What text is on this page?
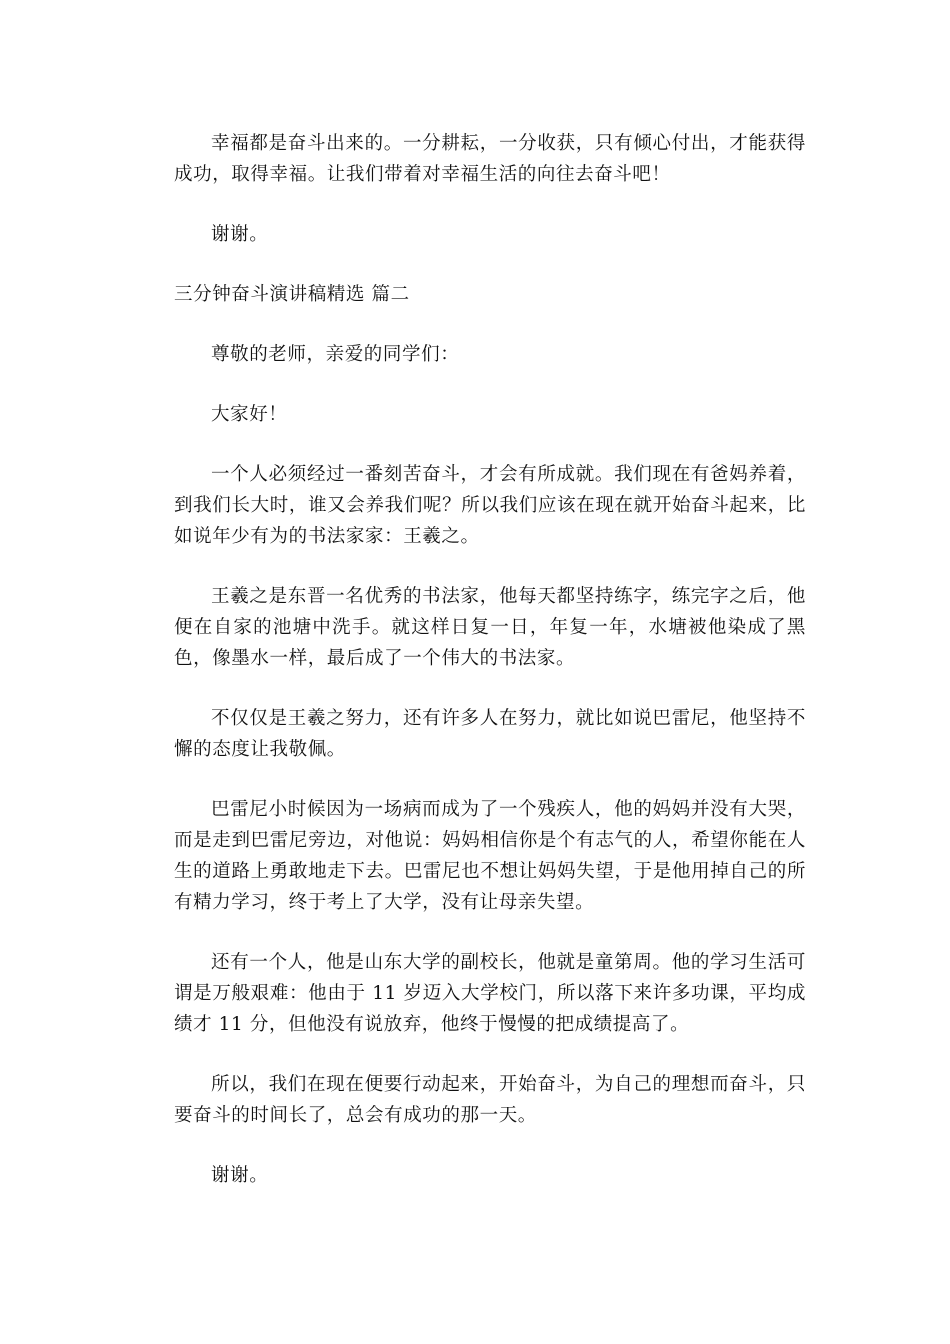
幸福都是奋斗出来的。一分耕耘，一分收获，只有倾心付出，才能获得成功，取得幸福。让我们带着对幸福生活的向往去奋斗吧！

谢谢。

三分钟奋斗演讲稿精选 篇二

尊敬的老师，亲爱的同学们：

大家好！

一个人必须经过一番刻苦奋斗，才会有所成就。我们现在有爸妈养着，到我们长大时，谁又会养我们呢？所以我们应该在现在就开始奋斗起来，比如说年少有为的书法家家：王羲之。

王羲之是东晋一名优秀的书法家，他每天都坚持练字，练完字之后，他便在自家的池塘中洗手。就这样日复一日，年复一年，水塘被他染成了黑色，像墨水一样，最后成了一个伟大的书法家。

不仅仅是王羲之努力，还有许多人在努力，就比如说巴雷尼，他坚持不懈的态度让我敬佩。

巴雷尼小时候因为一场病而成为了一个残疾人，他的妈妈并没有大哭，而是走到巴雷尼旁边，对他说：妈妈相信你是个有志气的人，希望你能在人生的道路上勇敢地走下去。巴雷尼也不想让妈妈失望，于是他用掉自己的所有精力学习，终于考上了大学，没有让母亲失望。

还有一个人，他是山东大学的副校长，他就是童第周。他的学习生活可谓是万般艰难：他由于 11 岁迈入大学校门，所以落下来许多功课，平均成绩才 11 分，但他没有说放弃，他终于慢慢的把成绩提高了。

所以，我们在现在便要行动起来，开始奋斗，为自己的理想而奋斗，只要奋斗的时间长了，总会有成功的那一天。

谢谢。
